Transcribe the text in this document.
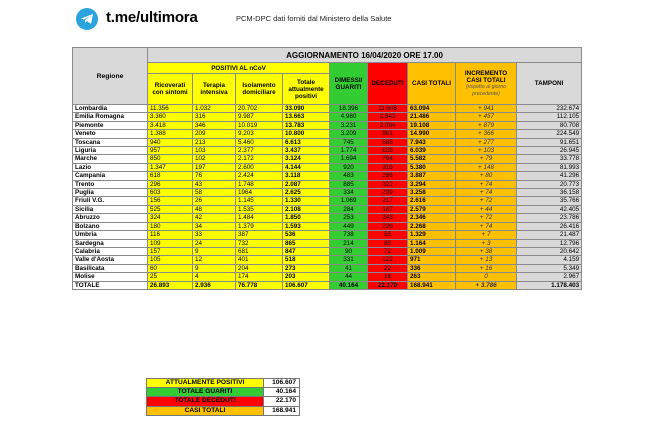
t.me/ultimora	PCM-DPC dati forniti dal Ministero della Salute
Regione	AGGIORNAMENTO 16/04/2020 ORE 17.00								
	POSITIVI AL nCoV				DIMESSI/ GUARITI	DECEDUTI	CASI TOTALI	INCREMENTO CASI TOTALI
(rispetto al giorno precedente)	TAMPONI
	Ricoverati con sintomi	Terapia intensiva	Isolamento domiciliare	Totale attualmente positivi					
Lombardia	11.356	1.032	20.702	33.090	18.396	11.608	63.094	+ 941	232.674
Emilia Romagna	3.360	316	9.987	13.663	4.980	2.843	21.486	+ 457	112.105
Piemonte	3.418	346	10.019	13.783	3.231	2.094	19.108	+ 879	80.708
Veneto	1.388	209	9.203	10.800	3.209	981	14.990	+ 366	224.549
Toscana	940	213	5.460	6.613	745	585	7.943	+ 277	91.651
Liguria	957	103	2.377	3.437	1.774	828	6.039	+ 103	26.945
Marche	850	102	2.172	3.124	1.694	764	5.582	+ 79	33.778
Lazio	1.347	197	2.600	4.144	920	316	5.380	+ 148	81.993
Campania	618	76	2.424	3.118	483	286	3.887	+ 80	41.296
Trento	296	43	1.748	2.087	885	322	3.294	+ 74	20.773
Puglia	603	58	1964	2.625	334	299	3.258	+ 74	36.158
Friuli V.G.	156	26	1.145	1.330	1.069	217	2.616	+ 72	35.766
Sicilia	525	48	1.535	2.108	284	187	2.579	+ 44	42.405
Abruzzo	324	42	1.484	1.850	253	243	2.346	+ 72	23.786
Bolzano	180	34	1.379	1.593	449	226	2.268	+ 74	26.416
Umbria	116	33	387	536	738	55	1.329	+ 7	21.487
Sardegna	109	24	732	865	214	85	1.164	+ 3	12.796
Calabria	157	9	681	847	90	72	1.009	+ 38	20.642
Valle d'Aosta	105	12	401	518	331	122	971	+ 13	4.159
Basilicata	60	9	204	273	41	22	336	+ 16	5.349
Molise	25	4	174	203	44	16	263	0	2.967
TOTALE	26.893	2.936	76.778	106.607	40.164	22.170	168.941	+ 3.786	1.178.403
ATTUALMENTE POSITIVI	106.607
TOTALE GUARITI	40.164
TOTALE DECEDUTI	22.170
CASI TOTALI	168.941
